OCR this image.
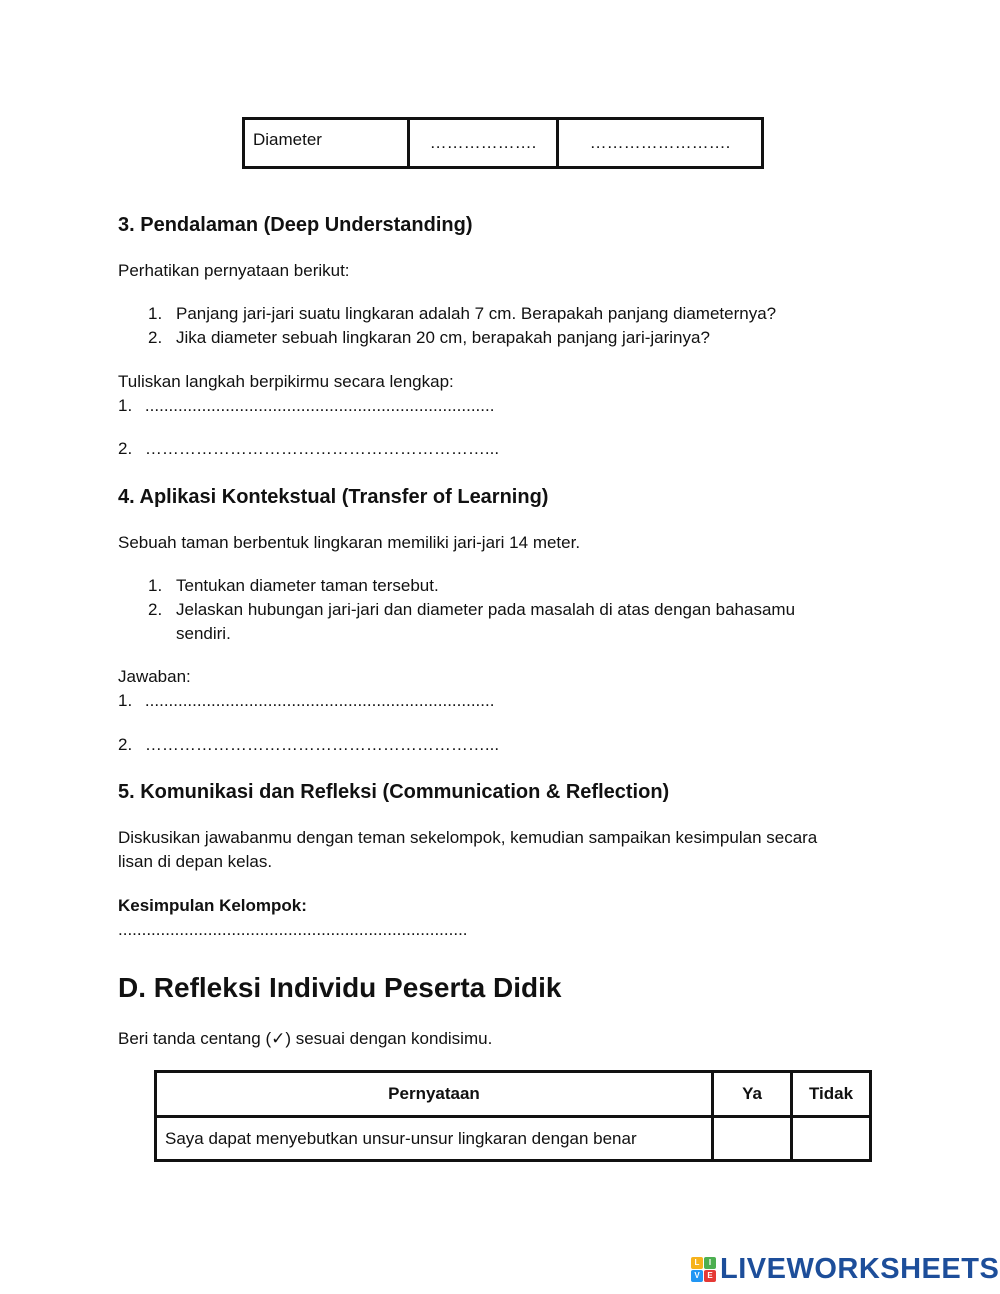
Diameter	……………….	…………………….
3. Pendalaman (Deep Understanding)
Perhatikan pernyataan berikut:
1. Panjang jari-jari suatu lingkaran adalah 7 cm. Berapakah panjang diameternya?
2. Jika diameter sebuah lingkaran 20 cm, berapakah panjang jari-jarinya?
Tuliskan langkah berpikirmu secara lengkap:
1. ..........................................................................
2. ……………………………………………………...
4. Aplikasi Kontekstual (Transfer of Learning)
Sebuah taman berbentuk lingkaran memiliki jari-jari 14 meter.
1. Tentukan diameter taman tersebut.
2. Jelaskan hubungan jari-jari dan diameter pada masalah di atas dengan bahasamu
sendiri.
Jawaban:
1. ..........................................................................
2. ……………………………………………………...
5. Komunikasi dan Refleksi (Communication & Reflection)
Diskusikan jawabanmu dengan teman sekelompok, kemudian sampaikan kesimpulan secara
lisan di depan kelas.
Kesimpulan Kelompok:
..........................................................................
D. Refleksi Individu Peserta Didik
Beri tanda centang (✓) sesuai dengan kondisimu.
Pernyataan	Ya	Tidak
Saya dapat menyebutkan unsur-unsur lingkaran dengan benar		
L	I
V E LIVEWORKSHEETS
